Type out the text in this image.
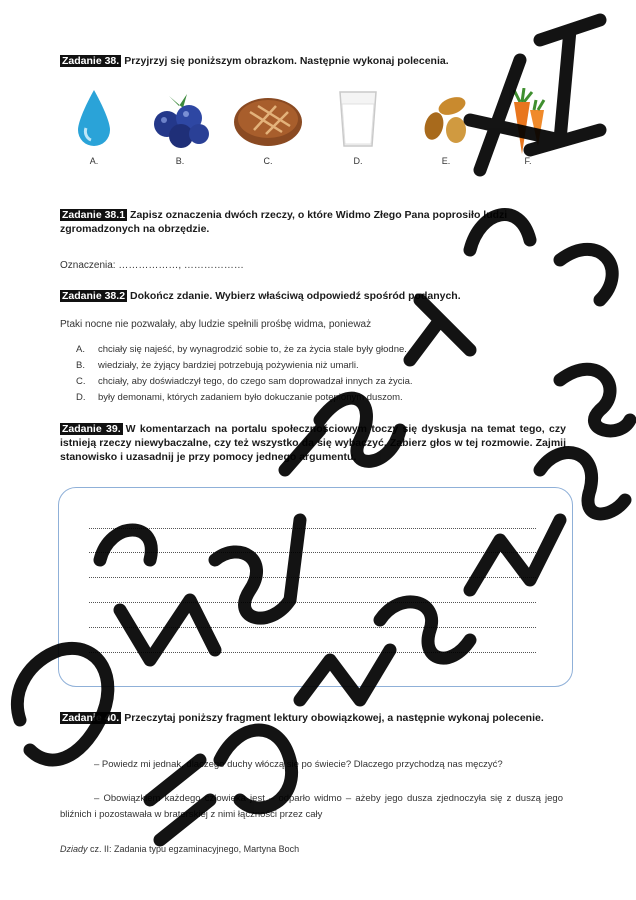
Zadanie 38. Przyjrzyj się poniższym obrazkom. Następnie wykonaj polecenia.
A.	B.	C.	D.	E.	F.
Zadanie 38.1 Zapisz oznaczenia dwóch rzeczy, o które Widmo Złego Pana poprosiło ludzi zgromadzonych na obrzędzie.
Oznaczenia: ………………, ………………
Zadanie 38.2 Dokończ zdanie. Wybierz właściwą odpowiedź spośród podanych.
Ptaki nocne nie pozwalały, aby ludzie spełnili prośbę widma, ponieważ
A. chciały się najeść, by wynagrodzić sobie to, że za życia stale były głodne.
B. wiedziały, że żyjący bardziej potrzebują pożywienia niż umarli.
C. chciały, aby doświadczył tego, do czego sam doprowadzał innych za życia.
D. były demonami, których zadaniem było dokuczanie potępionym duszom.
Zadanie 39. W komentarzach na portalu społecznościowym toczy się dyskusja na temat tego, czy istnieją rzeczy niewybaczalne, czy też wszystko da się wybaczyć. Zabierz głos w tej rozmowie. Zajmij stanowisko i uzasadnij je przy pomocy jednego argumentu.
Zadanie 40. Przeczytaj poniższy fragment lektury obowiązkowej, a następnie wykonaj polecenie.
– Powiedz mi jednak, dlaczego duchy włóczą się po świecie? Dlaczego przychodzą nas męczyć?
– Obowiązkiem każdego człowieka jest – odparło widmo – ażeby jego dusza zjednoczyła się z duszą jego bliźnich i pozostawała w braterskiej z nimi łączności przez cały
Dziady cz. II: Zadania typu egzaminacyjnego, Martyna Boch
